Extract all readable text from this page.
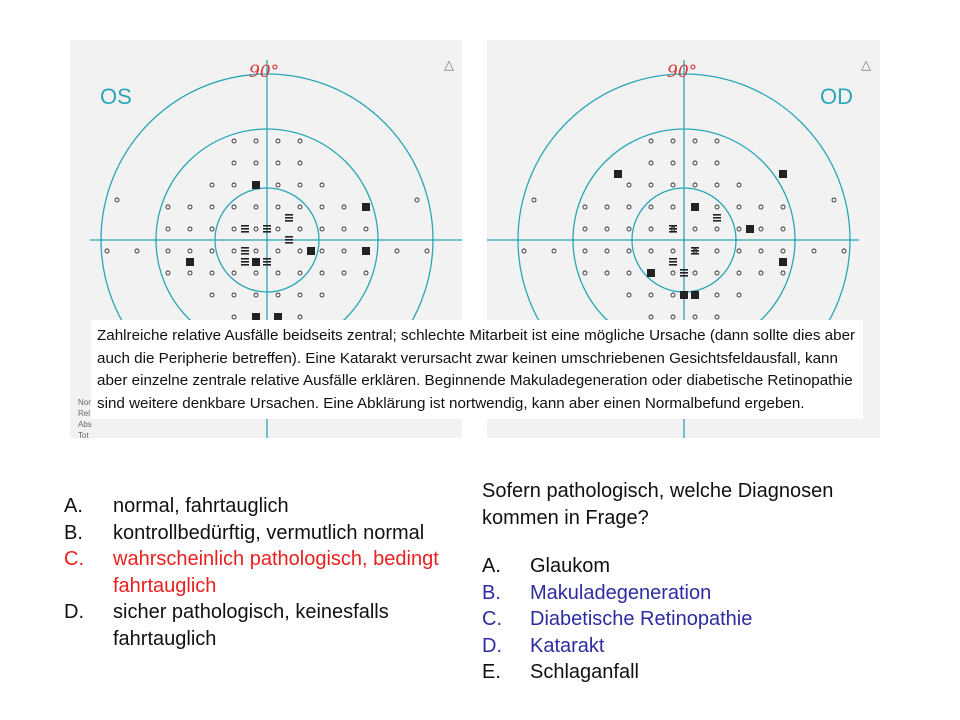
90°
OS
△
Nor
Rel
Abs
Tot
90°
OD
△
Zahlreiche relative Ausfälle beidseits zentral; schlechte Mitarbeit ist eine mögliche Ursache (dann sollte dies aber auch die Peripherie betreffen). Eine Katarakt verursacht zwar keinen umschriebenen Gesichtsfeldausfall, kann aber einzelne zentrale relative Ausfälle erklären. Beginnende Makuladegeneration oder diabetische Retinopathie sind weitere denkbare Ursachen. Eine Abklärung ist nortwendig, kann aber einen Normalbefund ergeben.
A. normal, fahrtauglich
B. kontrollbedürftig, vermutlich normal
C. wahrscheinlich pathologisch, bedingt fahrtauglich
D. sicher pathologisch, keinesfalls fahrtauglich
Sofern pathologisch, welche Diagnosen kommen in Frage?
A. Glaukom
B. Makuladegeneration
C. Diabetische Retinopathie
D. Katarakt
E. Schlaganfall
